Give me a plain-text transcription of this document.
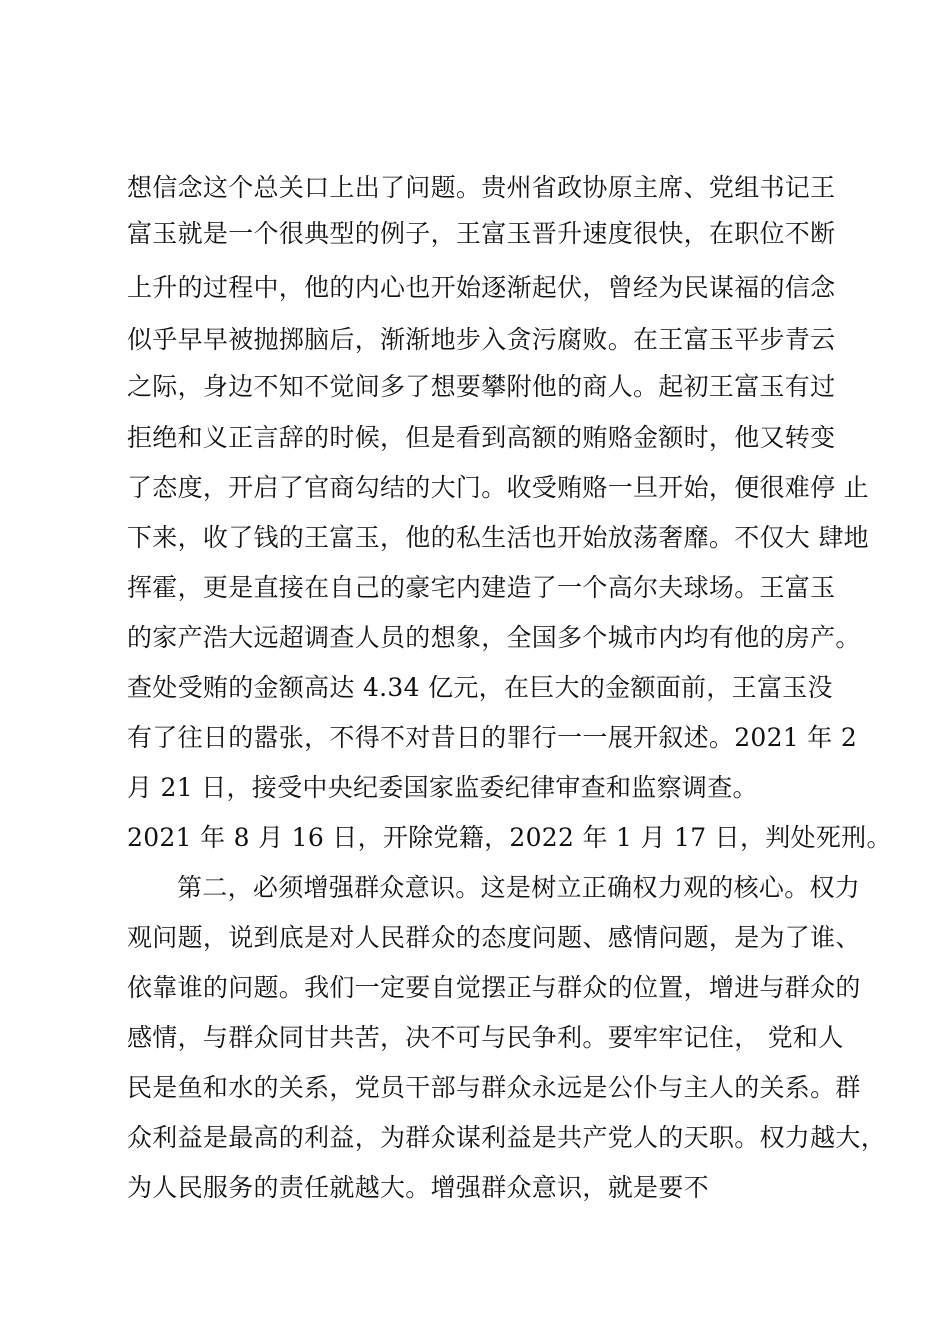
想信念这个总关口上出了问题。贵州省政协原主席、党组书记王
富玉就是一个很典型的例子，王富玉晋升速度很快，在职位不断
上升的过程中，他的内心也开始逐渐起伏，曾经为民谋福的信念
似乎早早被抛掷脑后，渐渐地步入贪污腐败。在王富玉平步青云
之际，身边不知不觉间多了想要攀附他的商人。起初王富玉有过
拒绝和义正言辞的时候，但是看到高额的贿赂金额时，他又转变
了态度，开启了官商勾结的大门。收受贿赂一旦开始，便很难停 止
下来，收了钱的王富玉，他的私生活也开始放荡奢靡。不仅大 肆地
挥霍，更是直接在自己的豪宅内建造了一个高尔夫球场。王富玉
的家产浩大远超调查人员的想象，全国多个城市内均有他的房产。
查处受贿的金额高达 4.34 亿元，在巨大的金额面前，王富玉没
有了往日的嚣张，不得不对昔日的罪行一一展开叙述。2021 年 2
月 21 日，接受中央纪委国家监委纪律审查和监察调查。
2021 年 8 月 16 日，开除党籍，2022 年 1 月 17 日，判处死刑。
第二，必须增强群众意识。这是树立正确权力观的核心。权力
观问题，说到底是对人民群众的态度问题、感情问题，是为了谁、
依靠谁的问题。我们一定要自觉摆正与群众的位置，增进与群众的
感情，与群众同甘共苦，决不可与民争利。要牢牢记住， 党和人
民是鱼和水的关系，党员干部与群众永远是公仆与主人的关系。群
众利益是最高的利益，为群众谋利益是共产党人的天职。权力越大，
为人民服务的责任就越大。增强群众意识，就是要不
